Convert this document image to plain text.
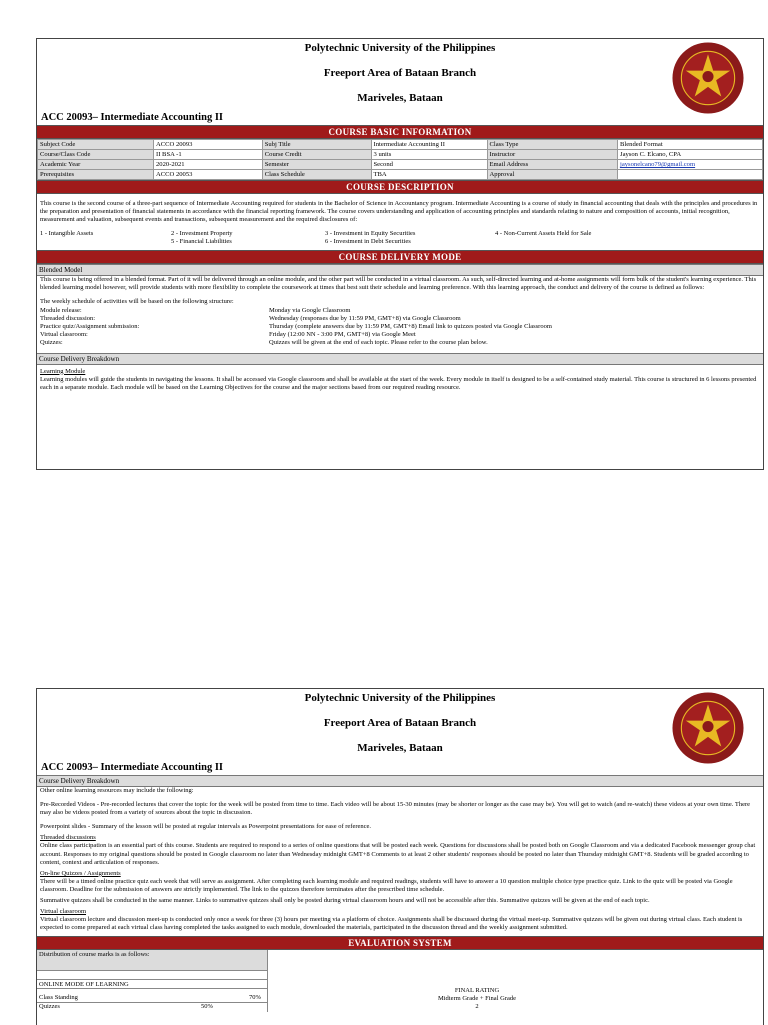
Polytechnic University of the Philippines
Freeport Area of Bataan Branch
Mariveles, Bataan
ACC 20093– Intermediate Accounting II
COURSE BASIC INFORMATION
Subject Code	ACCO 20093	Subj Title	Intermediate Accounting II	Class Type	Blended Format
Course/Class Code	II BSA -1	Course Credit	3 units	Instructor	Jayson C. Elcano, CPA
Academic Year	2020-2021	Semester	Second	Email Address	jaysonelcano79@gmail.com
Prerequisites	ACCO 20053	Class Schedule	TBA	Approval	
COURSE DESCRIPTION
This course is the second course of a three-part sequence of Intermediate Accounting required for students in the Bachelor of Science in Accountancy program. Intermediate Accounting is a course of study in financial accounting that deals with the principles and procedures in the preparation and presentation of financial statements in accordance with the financial reporting framework. The course covers understanding and application of accounting principles and standards relating to nature and composition of accounts, initial recognition, measurement and valuation, subsequent events and transactions, subsequent measurement and the required disclosures of:
1 - Intangible Assets	2 - Investment Property	3 - Investment in Equity Securities	4 - Non-Current Assets Held for Sale
5 - Financial Liabilities	6 - Investment in Debt Securities
COURSE DELIVERY MODE
Blended Model
This course is being offered in a blended format. Part of it will be delivered through an online module, and the other part will be conducted in a virtual classroom. As such, self-directed learning and at-home assignments will form bulk of the student's learning experience. This blended learning model however, will provide students with more flexibility to complete the coursework at times that best suit their schedule and learning preference. With this learning approach, the conduct and delivery of the course is defined as follows:
The weekly schedule of activities will be based on the following structure:
Module release:	Monday via Google Classroom
Threaded discussion:	Wednesday (responses due by 11:59 PM, GMT+8) via Google Classroom
Practice quiz/Assignment submission:	Thursday (complete answers due by 11:59 PM, GMT+8) Email link to quizzes posted via Google Classroom
Virtual classroom:	Friday (12:00 NN - 3:00 PM, GMT+8) via Google Meet
Quizzes:	Quizzes will be given at the end of each topic. Please refer to the course plan below.
Course Delivery Breakdown
Learning Module
Learning modules will guide the students in navigating the lessons. It shall be accessed via Google classroom and shall be available at the start of the week. Every module in itself is designed to be a self-contained study material. This course is structured in 6 lessons presented each in a separate module. Each module will be based on the Learning Objectives for the course and the major sections based from our required reading resource.
Polytechnic University of the Philippines
Freeport Area of Bataan Branch
Mariveles, Bataan
ACC 20093– Intermediate Accounting II
Course Delivery Breakdown
Other online learning resources may include the following:
Pre-Recorded Videos - Pre-recorded lectures that cover the topic for the week will be posted from time to time. Each video will be about 15-30 minutes (may be shorter or longer as the case may be). You will get to watch (and re-watch) these videos at your own time. There may also be videos posted from a variety of sources about the topic in discussion.
Powerpoint slides - Summary of the lesson will be posted at regular intervals as Powerpoint presentations for ease of reference.
Threaded discussions
Online class participation is an essential part of this course. Students are required to respond to a series of online questions that will be posted each week. Questions for discussions shall be posted both on Google Classroom and via a dedicated Facebook messenger group chat account. Responses to my original questions should be posted in Google classroom no later than Wednesday midnight GMT+8 Comments to at least 2 other students' responses should be posted no later than Thursday midnight GMT+8. Students will be graded according to content, context and articulation of responses.
On-line Quizzes / Assignments
There will be a timed online practice quiz each week that will serve as assignment. After completing each learning module and required readings, students will have to answer a 10 question multiple choice type practice quiz. Link to the quiz will be posted via Google classroom. Deadline for the submission of answers are strictly implemented. The link to the quizzes therefore terminates after the prescribed time schedule.
Summative quizzes shall be conducted in the same manner. Links to summative quizzes shall only be posted during virtual classroom hours and will not be accessible after this. Summative quizzes will be given at the end of each topic.
Virtual classroom
Virtual classroom lecture and discussion meet-up is conducted only once a week for three (3) hours per meeting via a platform of choice. Assignments shall be discussed during the virtual meet-up. Summative quizzes will be given out during virtual class. Each student is expected to come prepared at each virtual class having completed the tasks assigned to each module, downloaded the materials, participated in the discussion thread and the weekly assignment submitted.
EVALUATION SYSTEM
Distribution of course marks is as follows:
ONLINE MODE OF LEARNING
Class Standing	70%
Quizzes	50%
FINAL RATING
Midterm Grade + Final Grade
2
